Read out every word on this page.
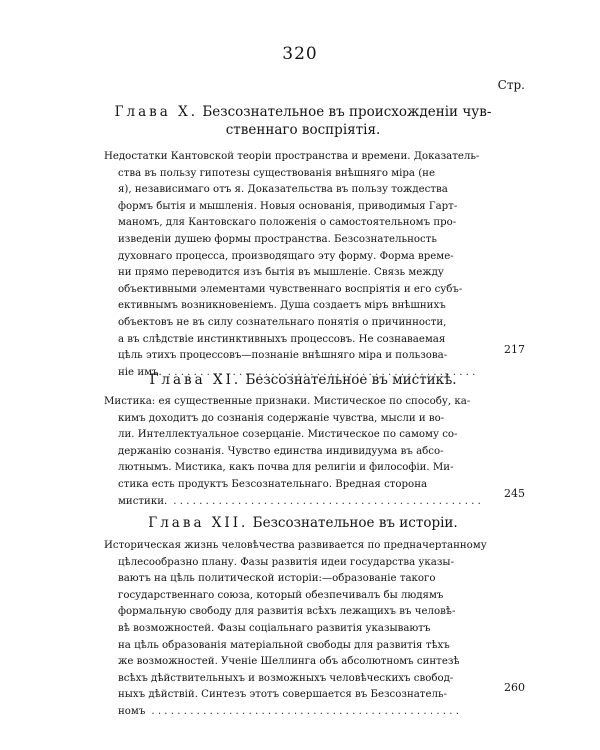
320
Стр.
Глава X. Безсознательное въ происхожденіи чув-
ственнаго воспріятія.
Недостатки Кантовской теоріи пространства и времени. Доказатель-
ства въ пользу гипотезы существованія внѣшняго міра (не
я), независимаго отъ я. Доказательства въ пользу тождества
формъ бытія и мышленія. Новыя основанія, приводимыя Гарт-
маномъ, для Кантовскаго положенія о самостоятельномъ про-
изведеніи душею формы пространства. Безсознательность
духовнаго процесса, производящаго эту форму. Форма време-
ни прямо переводится изъ бытія въ мышленіе. Связь между
объективными элементами чувственнаго воспріятія и его субъ-
ективнымъ возникновеніемъ. Душа создаетъ міръ внѣшнихъ
объектовъ не въ силу сознательнаго понятія о причинности,
а въ слѣдствіе инстинктивныхъ процессовъ. Не сознаваемая
цѣль этихъ процессовъ—познаніе внѣшняго міра и пользова-
ніе имъ.
. . .
217
Глава XI. Безсознательное въ мистикѣ.
Мистика: ея существенные признаки. Мистическое по способу, ка-
кимъ доходитъ до сознанія содержаніе чувства, мысли и во-
ли. Интеллектуальное созерцаніе. Мистическое по самому со-
держанію сознанія. Чувство единства индивидуума въ абсо-
лютнымъ. Мистика, какъ почва для религіи и философіи. Ми-
стика есть продуктъ Безсознательнаго. Вредная сторона
мистики.
. . .
245
Глава XII. Безсознательное въ исторіи.
Историческая жизнь человѣчества развивается по предначертанному
цѣлесообразно плану. Фазы развитія идеи государства указы-
ваютъ на цѣль политической исторіи:—образованіе такого
государственнаго союза, который обезпечивалъ бы людямъ
формальную свободу для развитія всѣхъ лежащихъ въ человѣ-
вѣ возможностей. Фазы соціальнаго развитія указываютъ
на цѣль образованія матеріальной свободы для развитія тѣхъ
же возможностей. Ученіе Шеллинга объ абсолютномъ синтезѣ
всѣхъ дѣйствительныхъ и возможныхъ человѣческихъ свобод-
ныхъ дѣйствій. Синтезъ этотъ совершается въ Безсознатель-
номъ
. . .
260
